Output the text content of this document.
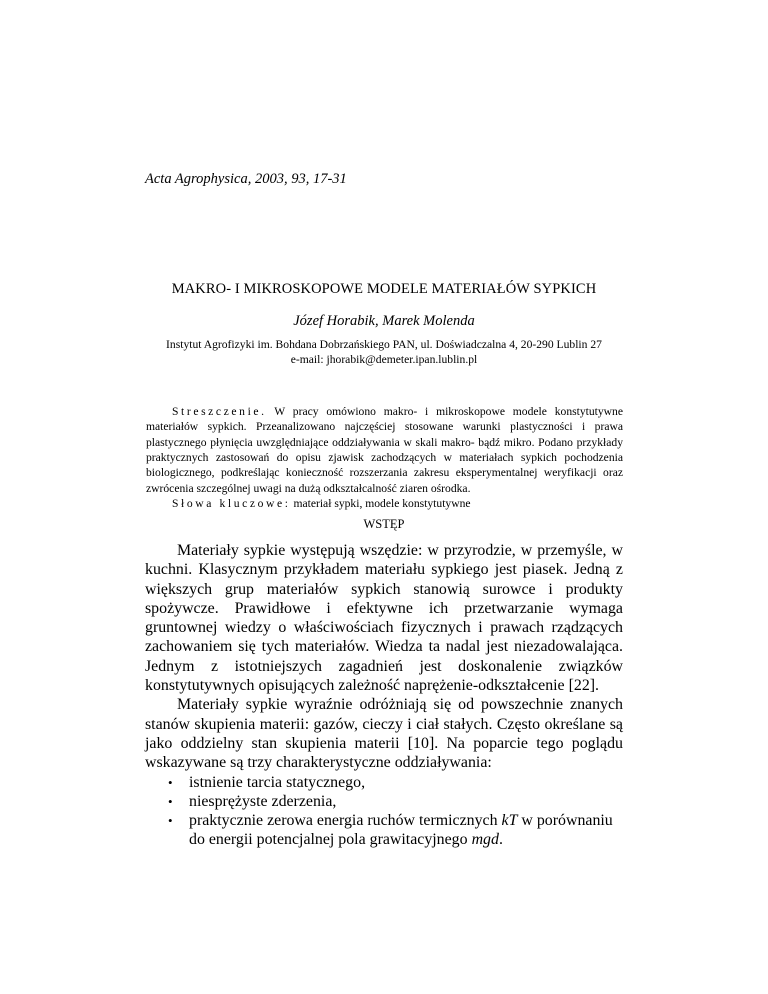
Acta Agrophysica, 2003, 93, 17-31
MAKRO- I MIKROSKOPOWE MODELE MATERIAŁÓW SYPKICH
Józef Horabik, Marek Molenda
Instytut Agrofizyki im. Bohdana Dobrzańskiego PAN, ul. Doświadczalna 4, 20-290 Lublin 27
e-mail: jhorabik@demeter.ipan.lublin.pl

Streszczenie. W pracy omówiono makro- i mikroskopowe modele konstytutywne materiałów sypkich. Przeanalizowano najczęściej stosowane warunki plastyczności i prawa plastycznego płynięcia uwzględniające oddziaływania w skali makro- bądź mikro. Podano przykłady praktycznych zastosowań do opisu zjawisk zachodzących w materiałach sypkich pochodzenia biologicznego, podkreślając konieczność rozszerzania zakresu eksperymentalnej weryfikacji oraz zwrócenia szczególnej uwagi na dużą odkształcalność ziaren ośrodka.

Słowa kluczowe: materiał sypki, modele konstytutywne

WSTĘP

Materiały sypkie występują wszędzie: w przyrodzie, w przemyśle, w kuchni. Klasycznym przykładem materiału sypkiego jest piasek. Jedną z większych grup materiałów sypkich stanowią surowce i produkty spożywcze. Prawidłowe i efektywne ich przetwarzanie wymaga gruntownej wiedzy o właściwościach fizycznych i prawach rządzących zachowaniem się tych materiałów. Wiedza ta nadal jest niezadowalająca. Jednym z istotniejszych zagadnień jest doskonalenie związków konstytutywnych opisujących zależność naprężenie-odkształcenie [22].

Materiały sypkie wyraźnie odróżniają się od powszechnie znanych stanów skupienia materii: gazów, cieczy i ciał stałych. Często określane są jako oddzielny stan skupienia materii [10]. Na poparcie tego poglądu wskazywane są trzy charakterystyczne oddziaływania:

• istnienie tarcia statycznego,
• niesprężyste zderzenia,
• praktycznie zerowa energia ruchów termicznych kT w porównaniu do energii potencjalnej pola grawitacyjnego mgd.
